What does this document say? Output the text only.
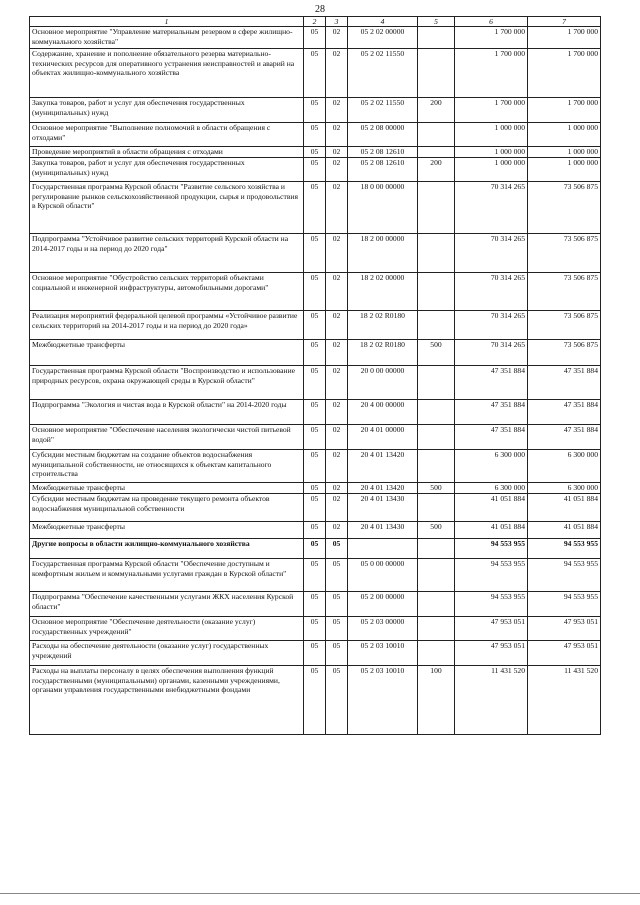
28
1	2	3	4	5	6	7
Основное мероприятие "Управление материальным резервом в сфере жилищно-коммунального хозяйства"	05	02	05 2 02 00000		1 700 000	1 700 000
Содержание, хранение и пополнение обязательного резерва материально-технических ресурсов для оперативного устранения неисправностей и аварий на объектах жилищно-коммунального хозяйства	05	02	05 2 02 11550		1 700 000	1 700 000
Закупка товаров, работ и услуг для обеспечения государственных (муниципальных) нужд	05	02	05 2 02 11550	200	1 700 000	1 700 000
Основное мероприятие "Выполнение полномочий в области обращения с отходами"	05	02	05 2 08 00000		1 000 000	1 000 000
Проведение мероприятий в области обращения с отходами	05	02	05 2 08 12610		1 000 000	1 000 000
Закупка товаров, работ и услуг для обеспечения государственных (муниципальных) нужд	05	02	05 2 08 12610	200	1 000 000	1 000 000
Государственная программа Курской области "Развитие сельского хозяйства и регулирование рынков сельскохозяйственной продукции, сырья и продовольствия в Курской области"	05	02	18 0 00 00000		70 314 265	73 506 875
Подпрограмма "Устойчивое развитие сельских территорий Курской области на 2014-2017 годы и на период до 2020 года"	05	02	18 2 00 00000		70 314 265	73 506 875
Основное мероприятие "Обустройство сельских территорий объектами социальной и инженерной инфраструктуры, автомобильными дорогами"	05	02	18 2 02 00000		70 314 265	73 506 875
Реализация мероприятий федеральной целевой программы «Устойчивое развитие сельских территорий на 2014-2017 годы и на период до 2020 года»	05	02	18 2 02 R0180		70 314 265	73 506 875
Межбюджетные трансферты	05	02	18 2 02 R0180	500	70 314 265	73 506 875
Государственная программа Курской области "Воспроизводство и использование природных ресурсов, охрана окружающей среды в Курской области"	05	02	20 0 00 00000		47 351 884	47 351 884
Подпрограмма "Экология и чистая вода в Курской области" на 2014-2020 годы	05	02	20 4 00 00000		47 351 884	47 351 884
Основное мероприятие "Обеспечение населения экологически чистой питьевой водой"	05	02	20 4 01 00000		47 351 884	47 351 884
Субсидии местным бюджетам на создание объектов водоснабжения муниципальной собственности, не относящихся к объектам капитального строительства	05	02	20 4 01 13420		6 300 000	6 300 000
Межбюджетные трансферты	05	02	20 4 01 13420	500	6 300 000	6 300 000
Субсидии местным бюджетам на проведение текущего ремонта объектов водоснабжения муниципальной собственности	05	02	20 4 01 13430		41 051 884	41 051 884
Межбюджетные трансферты	05	02	20 4 01 13430	500	41 051 884	41 051 884
Другие вопросы в области жилищно-коммунального хозяйства	05	05			94 553 955	94 553 955
Государственная программа Курской области "Обеспечение доступным и комфортным жильем и коммунальными услугами граждан в Курской области"	05	05	05 0 00 00000		94 553 955	94 553 955
Подпрограмма "Обеспечение качественными услугами ЖКХ населения Курской области"	05	05	05 2 00 00000		94 553 955	94 553 955
Основное мероприятие "Обеспечение деятельности (оказание услуг) государственных учреждений"	05	05	05 2 03 00000		47 953 051	47 953 051
Расходы на обеспечение деятельности (оказание услуг) государственных учреждений	05	05	05 2 03 10010		47 953 051	47 953 051
Расходы на выплаты персоналу в целях обеспечения выполнения функций государственными (муниципальными) органами, казенными учреждениями, органами управления государственными внебюджетными фондами	05	05	05 2 03 10010	100	11 431 520	11 431 520
